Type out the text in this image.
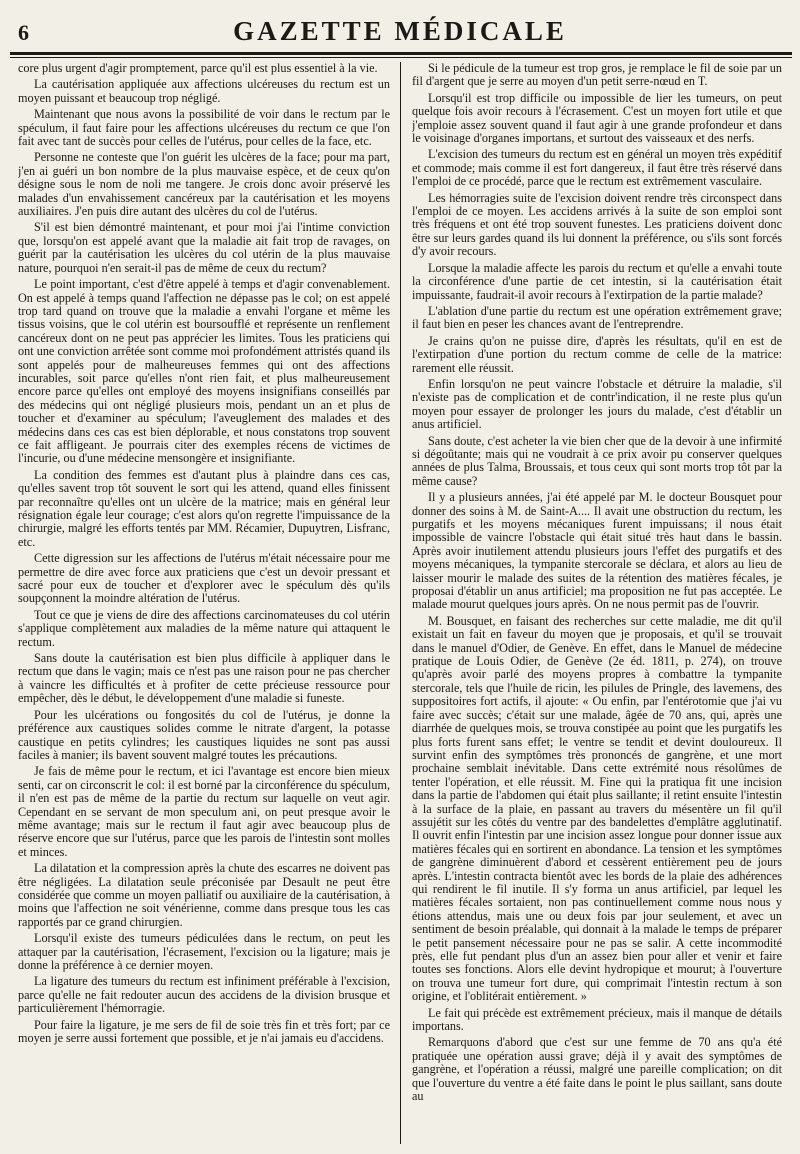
6	GAZETTE MÉDICALE

core plus urgent d'agir promptement, parce qu'il est plus essentiel à la vie.

La cautérisation appliquée aux affections ulcéreuses du rectum est un moyen puissant et beaucoup trop négligé.

Maintenant que nous avons la possibilité de voir dans le rectum par le spéculum, il faut faire pour les affections ulcéreuses du rectum ce que l'on fait avec tant de succès pour celles de l'utérus, pour celles de la face, etc.

Personne ne conteste que l'on guérit les ulcères de la face; pour ma part, j'en ai guéri un bon nombre de la plus mauvaise espèce, et de ceux qu'on désigne sous le nom de noli me tangere. Je crois donc avoir préservé les malades d'un envahissement cancéreux par la cautérisation et les moyens auxiliaires. J'en puis dire autant des ulcères du col de l'utérus.

S'il est bien démontré maintenant, et pour moi j'ai l'intime conviction que, lorsqu'on est appelé avant que la maladie ait fait trop de ravages, on guérit par la cautérisation les ulcères du col utérin de la plus mauvaise nature, pourquoi n'en serait-il pas de même de ceux du rectum?

Le point important, c'est d'être appelé à temps et d'agir convenablement. On est appelé à temps quand l'affection ne dépasse pas le col; on est appelé trop tard quand on trouve que la maladie a envahi l'organe et même les tissus voisins, que le col utérin est boursoufflé et représente un renflement cancéreux dont on ne peut pas apprécier les limites. Tous les praticiens qui ont une conviction arrêtée sont comme moi profondément attristés quand ils sont appelés pour de malheureuses femmes qui ont des affections incurables, soit parce qu'elles n'ont rien fait, et plus malheureusement encore parce qu'elles ont employé des moyens insignifians conseillés par des médecins qui ont négligé plusieurs mois, pendant un an et plus de toucher et d'examiner au spéculum; l'aveuglement des malades et des médecins dans ces cas est bien déplorable, et nous constatons trop souvent ce fait affligeant. Je pourrais citer des exemples récens de victimes de l'incurie, ou d'une médecine mensongère et insignifiante.

La condition des femmes est d'autant plus à plaindre dans ces cas, qu'elles savent trop tôt souvent le sort qui les attend, quand elles finissent par reconnaître qu'elles ont un ulcère de la matrice; mais en général leur résignation égale leur courage; c'est alors qu'on regrette l'impuissance de la chirurgie, malgré les efforts tentés par MM. Récamier, Dupuytren, Lisfranc, etc.

Cette digression sur les affections de l'utérus m'était nécessaire pour me permettre de dire avec force aux praticiens que c'est un devoir pressant et sacré pour eux de toucher et d'explorer avec le spéculum dès qu'ils soupçonnent la moindre altération de l'utérus.

Tout ce que je viens de dire des affections carcinomateuses du col utérin s'applique complètement aux maladies de la même nature qui attaquent le rectum.

Sans doute la cautérisation est bien plus difficile à appliquer dans le rectum que dans le vagin; mais ce n'est pas une raison pour ne pas chercher à vaincre les difficultés et à profiter de cette précieuse ressource pour empêcher, dès le début, le développement d'une maladie si funeste.

Pour les ulcérations ou fongosités du col de l'utérus, je donne la préférence aux caustiques solides comme le nitrate d'argent, la potasse caustique en petits cylindres; les caustiques liquides ne sont pas aussi faciles à manier; ils bavent souvent malgré toutes les précautions.

Je fais de même pour le rectum, et ici l'avantage est encore bien mieux senti, car on circonscrit le col: il est borné par la circonférence du spéculum, il n'en est pas de même de la partie du rectum sur laquelle on veut agir. Cependant en se servant de mon speculum ani, on peut presque avoir le même avantage; mais sur le rectum il faut agir avec beaucoup plus de réserve encore que sur l'utérus, parce que les parois de l'intestin sont molles et minces.

La dilatation et la compression après la chute des escarres ne doivent pas être négligées. La dilatation seule préconisée par Desault ne peut être considérée que comme un moyen palliatif ou auxiliaire de la cautérisation, à moins que l'affection ne soit vénérienne, comme dans presque tous les cas rapportés par ce grand chirurgien.

Lorsqu'il existe des tumeurs pédiculées dans le rectum, on peut les attaquer par la cautérisation, l'écrasement, l'excision ou la ligature; mais je donne la préférence à ce dernier moyen.

La ligature des tumeurs du rectum est infiniment préférable à l'excision, parce qu'elle ne fait redouter aucun des accidens de la division brusque et particulièrement l'hémorragie.

Pour faire la ligature, je me sers de fil de soie très fin et très fort; par ce moyen je serre aussi fortement que possible, et je n'ai jamais eu d'accidens.

Si le pédicule de la tumeur est trop gros, je remplace le fil de soie par un fil d'argent que je serre au moyen d'un petit serre-nœud en T.

Lorsqu'il est trop difficile ou impossible de lier les tumeurs, on peut quelque fois avoir recours à l'écrasement. C'est un moyen fort utile et que j'emploie assez souvent quand il faut agir à une grande profondeur et dans le voisinage d'organes importans, et surtout des vaisseaux et des nerfs.

L'excision des tumeurs du rectum est en général un moyen très expéditif et commode; mais comme il est fort dangereux, il faut être très réservé dans l'emploi de ce procédé, parce que le rectum est extrêmement vasculaire.

Les hémorragies suite de l'excision doivent rendre très circonspect dans l'emploi de ce moyen. Les accidens arrivés à la suite de son emploi sont très fréquens et ont été trop souvent funestes. Les praticiens doivent donc être sur leurs gardes quand ils lui donnent la préférence, ou s'ils sont forcés d'y avoir recours.

Lorsque la maladie affecte les parois du rectum et qu'elle a envahi toute la circonférence d'une partie de cet intestin, si la cautérisation était impuissante, faudrait-il avoir recours à l'extirpation de la partie malade?

L'ablation d'une partie du rectum est une opération extrêmement grave; il faut bien en peser les chances avant de l'entreprendre.

Je crains qu'on ne puisse dire, d'après les résultats, qu'il en est de l'extirpation d'une portion du rectum comme de celle de la matrice: rarement elle réussit.

Enfin lorsqu'on ne peut vaincre l'obstacle et détruire la maladie, s'il n'existe pas de complication et de contr'indication, il ne reste plus qu'un moyen pour essayer de prolonger les jours du malade, c'est d'établir un anus artificiel.

Sans doute, c'est acheter la vie bien cher que de la devoir à une infirmité si dégoûtante; mais qui ne voudrait à ce prix avoir pu conserver quelques années de plus Talma, Broussais, et tous ceux qui sont morts trop tôt par la même cause?

Il y a plusieurs années, j'ai été appelé par M. le docteur Bousquet pour donner des soins à M. de Saint-A.... Il avait une obstruction du rectum, les purgatifs et les moyens mécaniques furent impuissans; il nous était impossible de vaincre l'obstacle qui était situé très haut dans le bassin. Après avoir inutilement attendu plusieurs jours l'effet des purgatifs et des moyens mécaniques, la tympanite stercorale se déclara, et alors au lieu de laisser mourir le malade des suites de la rétention des matières fécales, je proposai d'établir un anus artificiel; ma proposition ne fut pas acceptée. Le malade mourut quelques jours après. On ne nous permit pas de l'ouvrir.

M. Bousquet, en faisant des recherches sur cette maladie, me dit qu'il existait un fait en faveur du moyen que je proposais, et qu'il se trouvait dans le manuel d'Odier, de Genève. En effet, dans le Manuel de médecine pratique de Louis Odier, de Genève (2e éd. 1811, p. 274), on trouve qu'après avoir parlé des moyens propres à combattre la tympanite stercorale, tels que l'huile de ricin, les pilules de Pringle, des lavemens, des suppositoires fort actifs, il ajoute: « Ou enfin, par l'entérotomie que j'ai vu faire avec succès; c'était sur une malade, âgée de 70 ans, qui, après une diarrhée de quelques mois, se trouva constipée au point que les purgatifs les plus forts furent sans effet; le ventre se tendit et devint douloureux. Il survint enfin des symptômes très prononcés de gangrène, et une mort prochaine semblait inévitable. Dans cette extrémité nous résolûmes de tenter l'opération, et elle réussit. M. Fine qui la pratiqua fit une incision dans la partie de l'abdomen qui était plus saillante; il retint ensuite l'intestin à la surface de la plaie, en passant au travers du mésentère un fil qu'il assujétit sur les côtés du ventre par des bandelettes d'emplâtre agglutinatif. Il ouvrit enfin l'intestin par une incision assez longue pour donner issue aux matières fécales qui en sortirent en abondance. La tension et les symptômes de gangrène diminuèrent d'abord et cessèrent entièrement peu de jours après. L'intestin contracta bientôt avec les bords de la plaie des adhérences qui rendirent le fil inutile. Il s'y forma un anus artificiel, par lequel les matières fécales sortaient, non pas continuellement comme nous nous y étions attendus, mais une ou deux fois par jour seulement, et avec un sentiment de besoin préalable, qui donnait à la malade le temps de préparer le petit pansement nécessaire pour ne pas se salir. A cette incommodité près, elle fut pendant plus d'un an assez bien pour aller et venir et faire toutes ses fonctions. Alors elle devint hydropique et mourut; à l'ouverture on trouva une tumeur fort dure, qui comprimait l'intestin rectum à son origine, et l'oblitérait entièrement. »

Le fait qui précède est extrêmement précieux, mais il manque de détails importans.

Remarquons d'abord que c'est sur une femme de 70 ans qu'a été pratiquée une opération aussi grave; déjà il y avait des symptômes de gangrène, et l'opération a réussi, malgré une pareille complication; on dit que l'ouverture du ventre a été faite dans le point le plus saillant, sans doute au
